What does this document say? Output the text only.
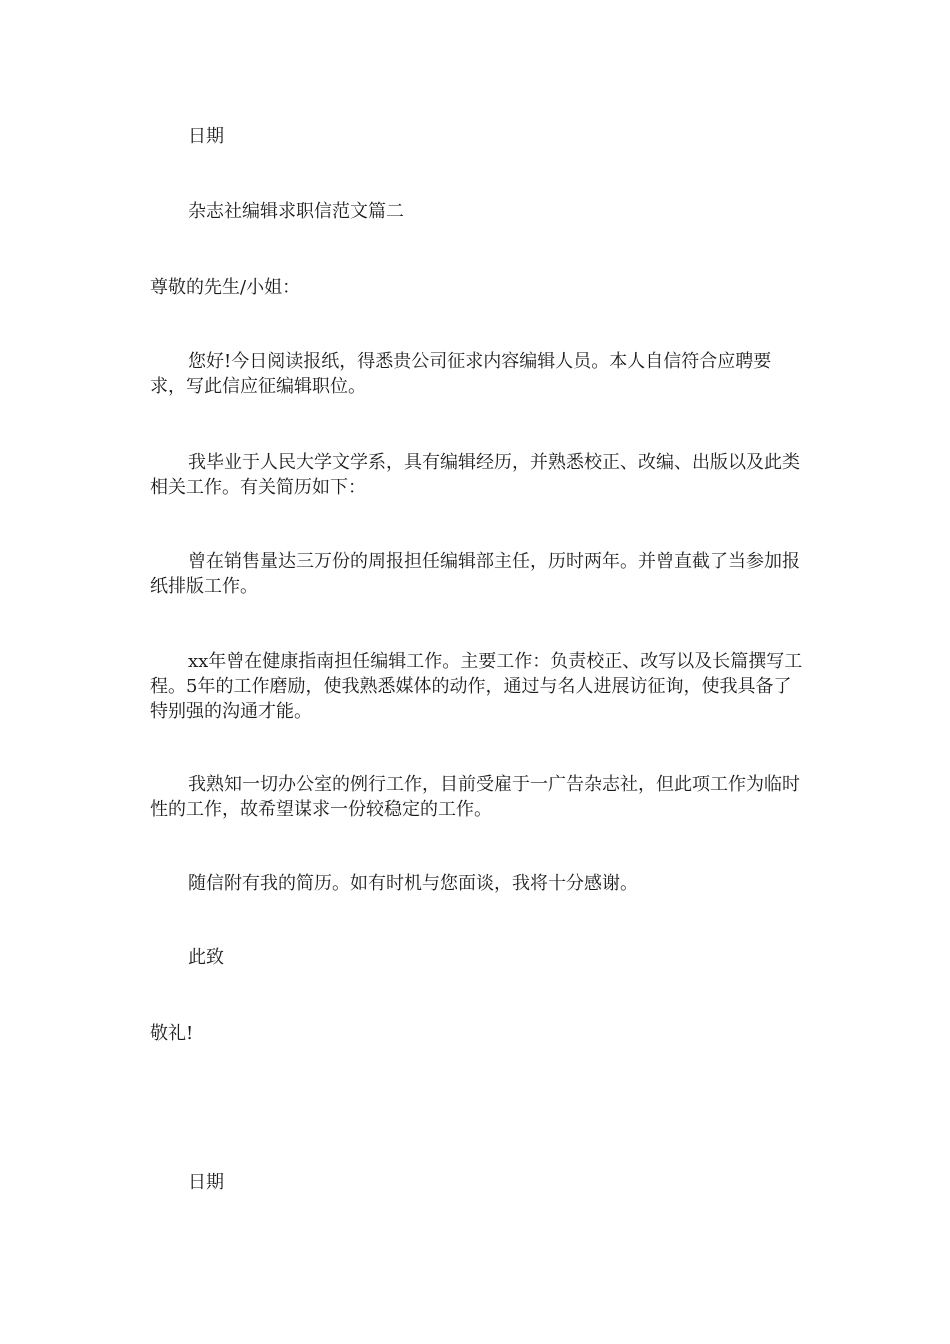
日期

杂志社编辑求职信范文篇二

尊敬的先生/小姐：

您好!今日阅读报纸，得悉贵公司征求内容编辑人员。本人自信符合应聘要求，写此信应征编辑职位。

我毕业于人民大学文学系，具有编辑经历，并熟悉校正、改编、出版以及此类相关工作。有关简历如下：

曾在销售量达三万份的周报担任编辑部主任，历时两年。并曾直截了当参加报纸排版工作。

xx年曾在健康指南担任编辑工作。主要工作：负责校正、改写以及长篇撰写工程。5年的工作磨励，使我熟悉媒体的动作，通过与名人进展访征询，使我具备了特别强的沟通才能。

我熟知一切办公室的例行工作，目前受雇于一广告杂志社，但此项工作为临时性的工作，故希望谋求一份较稳定的工作。

随信附有我的简历。如有时机与您面谈，我将十分感谢。

此致

敬礼!

日期
